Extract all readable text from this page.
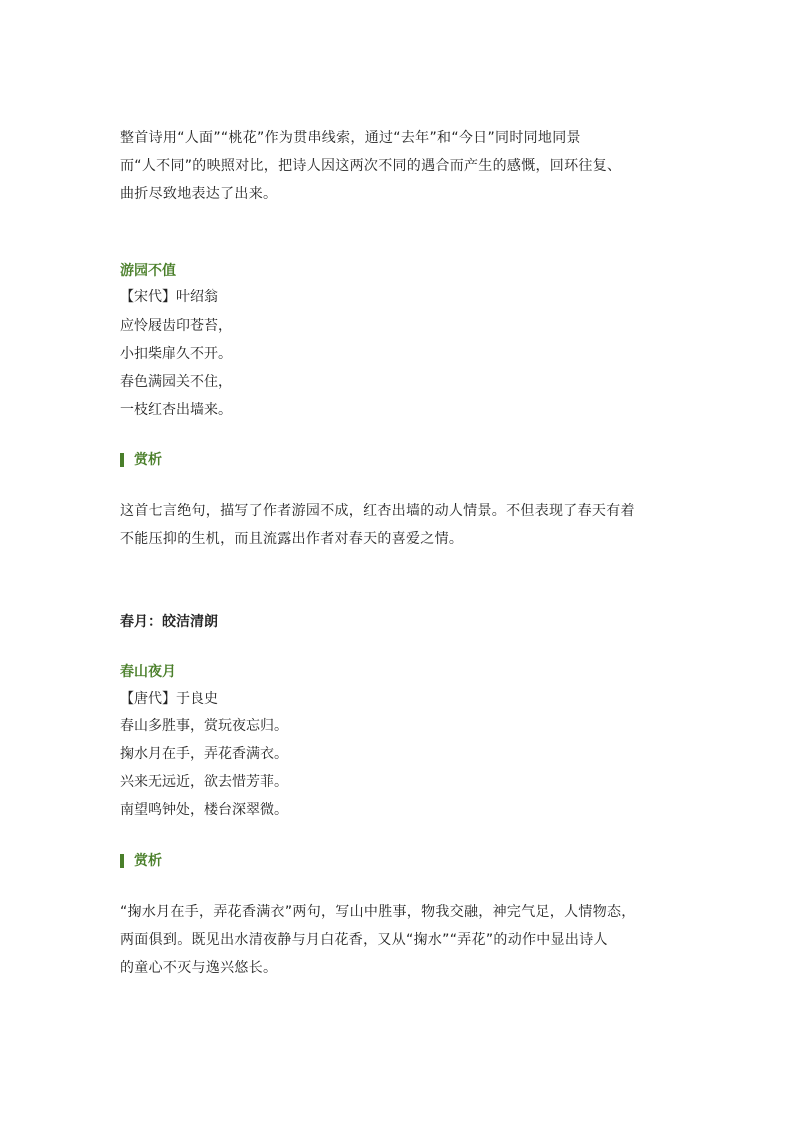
整首诗用“人面”“桃花”作为贯串线索，通过“去年”和“今日”同时同地同景
而“人不同”的映照对比，把诗人因这两次不同的遇合而产生的感慨，回环往复、
曲折尽致地表达了出来。

游园不值

【宋代】叶绍翁

应怜屐齿印苍苔，

小扣柴扉久不开。

春色满园关不住，

一枝红杏出墙来。

赏析
这首七言绝句，描写了作者游园不成，红杏出墙的动人情景。不但表现了春天有着
不能压抑的生机，而且流露出作者对春天的喜爱之情。

春月：皎洁清朗

春山夜月

【唐代】于良史

春山多胜事，赏玩夜忘归。

掬水月在手，弄花香满衣。

兴来无远近，欲去惜芳菲。

南望鸣钟处，楼台深翠微。

赏析
“掬水月在手，弄花香满衣”两句，写山中胜事，物我交融，神完气足，人情物态，
两面俱到。既见出水清夜静与月白花香，又从“掬水”“弄花”的动作中显出诗人
的童心不灭与逸兴悠长。
